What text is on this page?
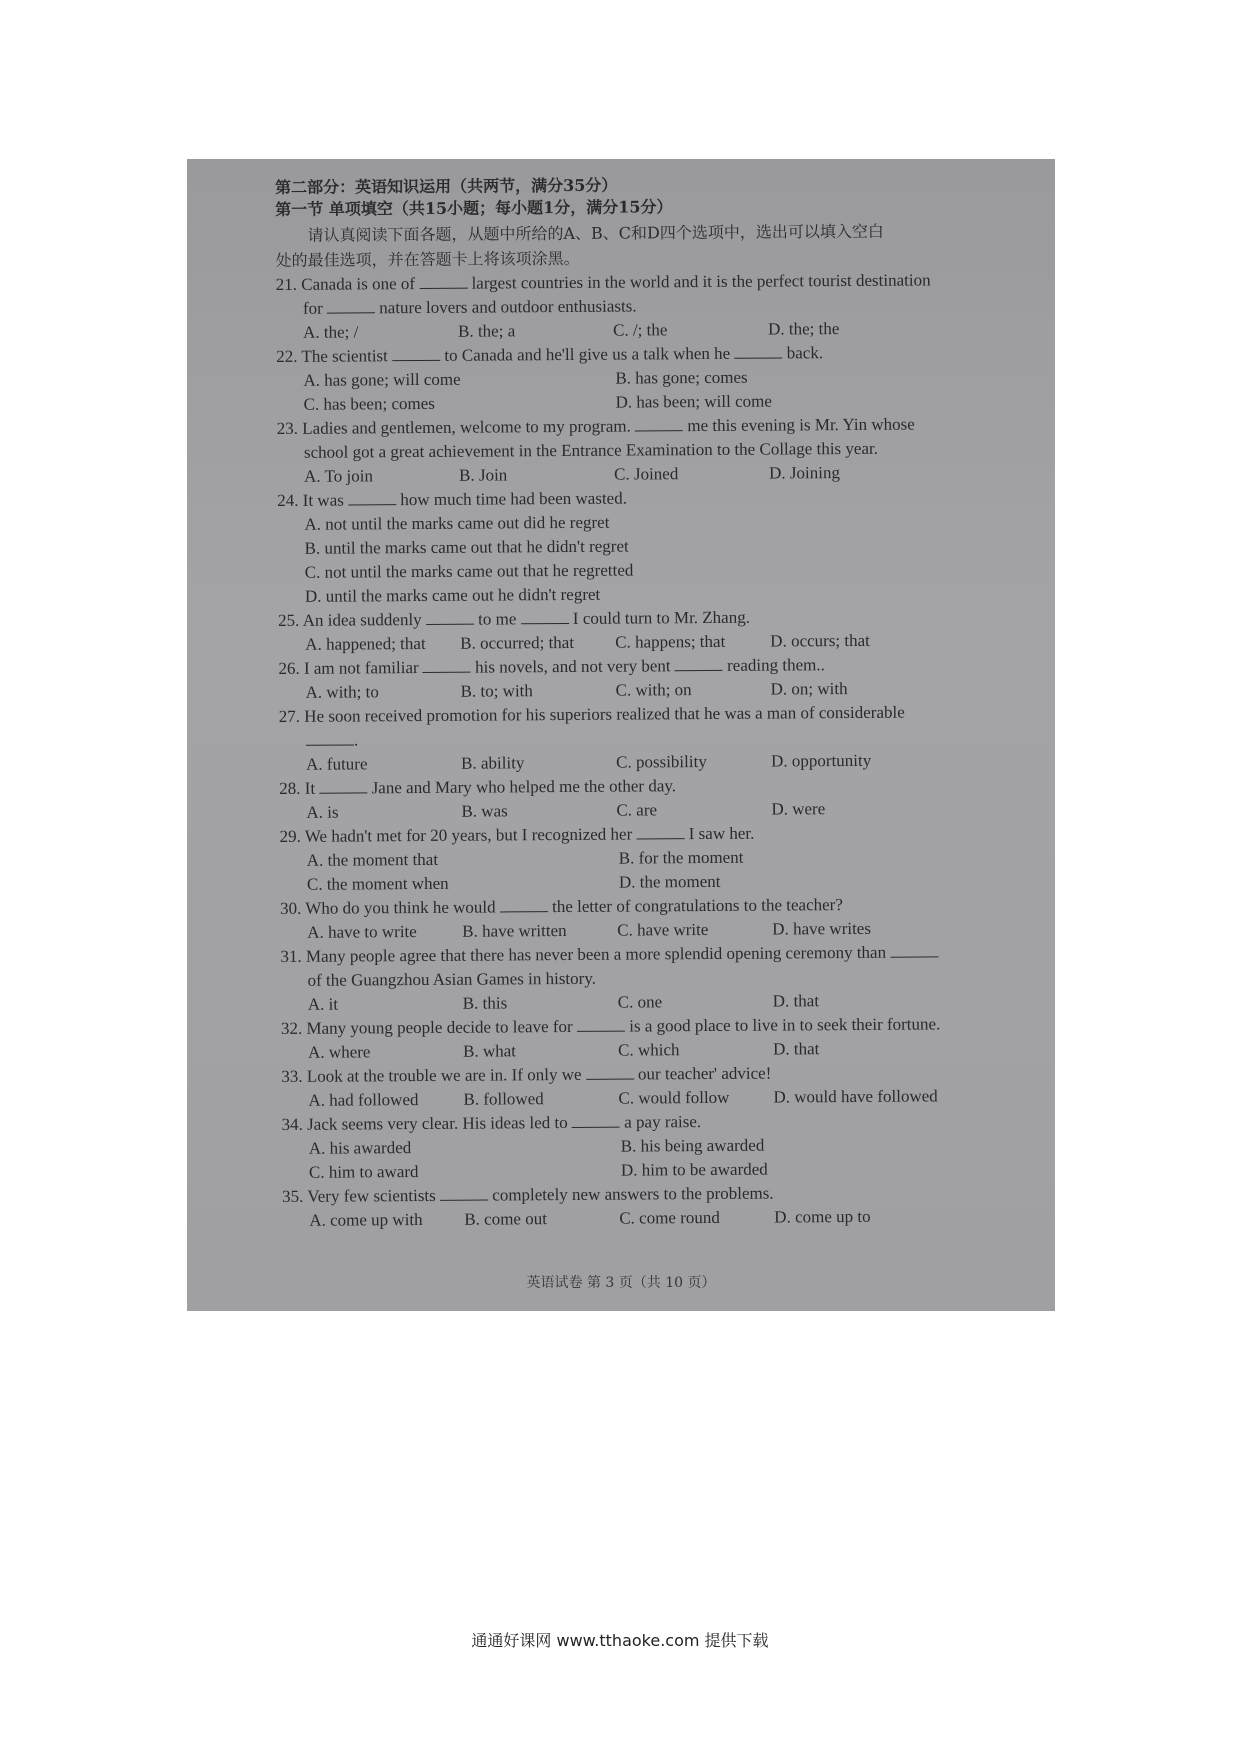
第二部分：英语知识运用（共两节，满分35分）

第一节 单项填空（共15小题；每小题1分，满分15分）

请认真阅读下面各题，从题中所给的A、B、C和D四个选项中，选出可以填入空白
处的最佳选项，并在答题卡上将该项涂黑。

21. Canada is one of	largest countries in the world and it is the perfect tourist destination
for	nature lovers and outdoor enthusiasts.
A. the; /	B. the; a	C. /; the	D. the; the
22. The scientist	to Canada and he'll give us a talk when he	back.
A. has gone; will come	B. has gone; comes
C. has been; comes	D. has been; will come
23. Ladies and gentlemen, welcome to my program.	me this evening is Mr. Yin whose
school got a great achievement in the Entrance Examination to the Collage this year.
A. To join	B. Join	C. Joined	D. Joining
24. It was	how much time had been wasted.
A. not until the marks came out did he regret
B. until the marks came out that he didn't regret
C. not until the marks came out that he regretted
D. until the marks came out he didn't regret
25. An idea suddenly	to me	I could turn to Mr. Zhang.
A. happened; that	B. occurred; that	C. happens; that	D. occurs; that
26. I am not familiar	his novels, and not very bent	reading them..
A. with; to	B. to; with	C. with; on	D. on; with
27. He soon received promotion for his superiors realized that he was a man of considerable
.
A. future	B. ability	C. possibility	D. opportunity
28. It	Jane and Mary who helped me the other day.
A. is	B. was	C. are	D. were
29. We hadn't met for 20 years, but I recognized her	I saw her.
A. the moment that	B. for the moment
C. the moment when	D. the moment
30. Who do you think he would	the letter of congratulations to the teacher?
A. have to write	B. have written	C. have write	D. have writes
31. Many people agree that there has never been a more splendid opening ceremony than
of the Guangzhou Asian Games in history.
A. it	B. this	C. one	D. that
32. Many young people decide to leave for	is a good place to live in to seek their fortune.
A. where	B. what	C. which	D. that
33. Look at the trouble we are in. If only we	our teacher' advice!
A. had followed	B. followed	C. would follow	D. would have followed
34. Jack seems very clear. His ideas led to	a pay raise.
A. his awarded	B. his being awarded
C. him to award	D. him to be awarded
35. Very few scientists	completely new answers to the problems.
A. come up with	B. come out	C. come round	D. come up to
英语试卷 第 3 页（共 10 页）
通通好课网 www.tthaoke.com 提供下载
